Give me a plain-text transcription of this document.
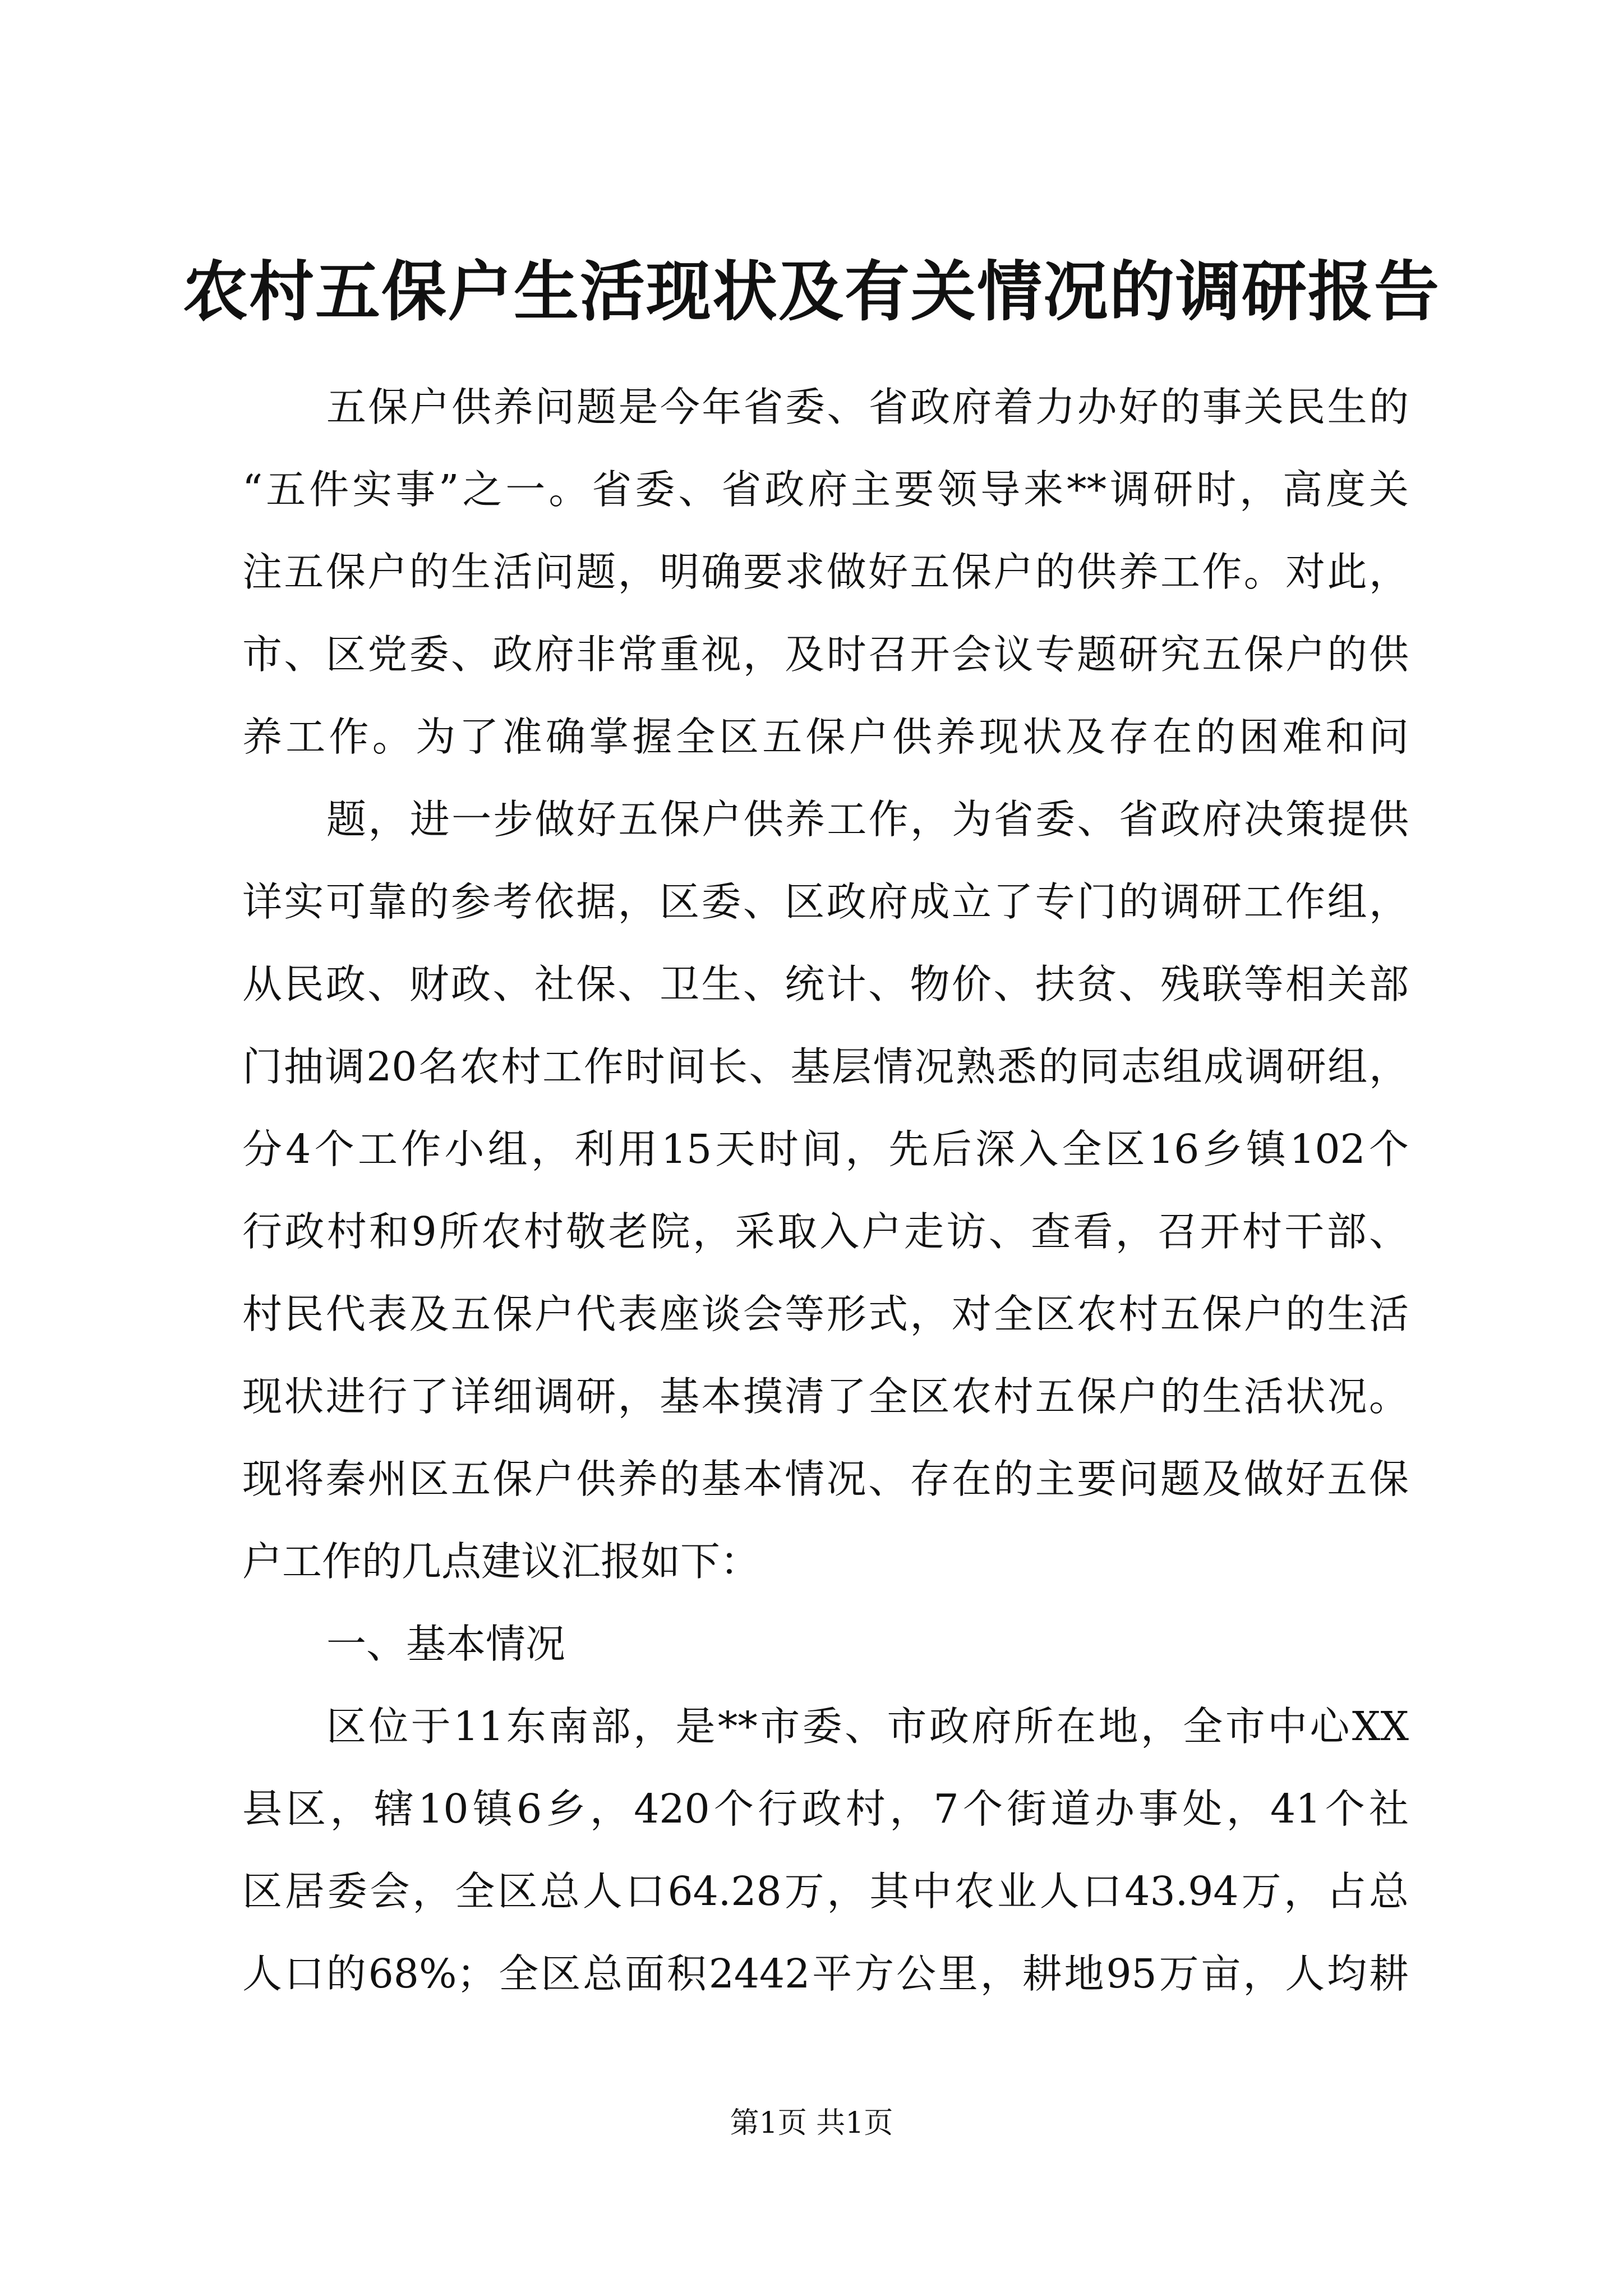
农村五保户生活现状及有关情况的调研报告
五保户供养问题是今年省委、省政府着力办好的事关民生的
“五件实事”之一。省委、省政府主要领导来**调研时，高度关
注五保户的生活问题，明确要求做好五保户的供养工作。对此，
市、区党委、政府非常重视，及时召开会议专题研究五保户的供
养工作。为了准确掌握全区五保户供养现状及存在的困难和问
题，进一步做好五保户供养工作，为省委、省政府决策提供
详实可靠的参考依据，区委、区政府成立了专门的调研工作组，
从民政、财政、社保、卫生、统计、物价、扶贫、残联等相关部
门抽调20名农村工作时间长、基层情况熟悉的同志组成调研组，
分4个工作小组，利用15天时间，先后深入全区16乡镇102个
行政村和9所农村敬老院，采取入户走访、查看，召开村干部、
村民代表及五保户代表座谈会等形式，对全区农村五保户的生活
现状进行了详细调研，基本摸清了全区农村五保户的生活状况。
现将秦州区五保户供养的基本情况、存在的主要问题及做好五保
户工作的几点建议汇报如下：
一、基本情况
区位于11东南部，是**市委、市政府所在地，全市中心XX
县区，辖10镇6乡，420个行政村，7个街道办事处，41个社
区居委会，全区总人口64.28万，其中农业人口43.94万，占总
人口的68%；全区总面积2442平方公里，耕地95万亩，人均耕
第1页 共1页
